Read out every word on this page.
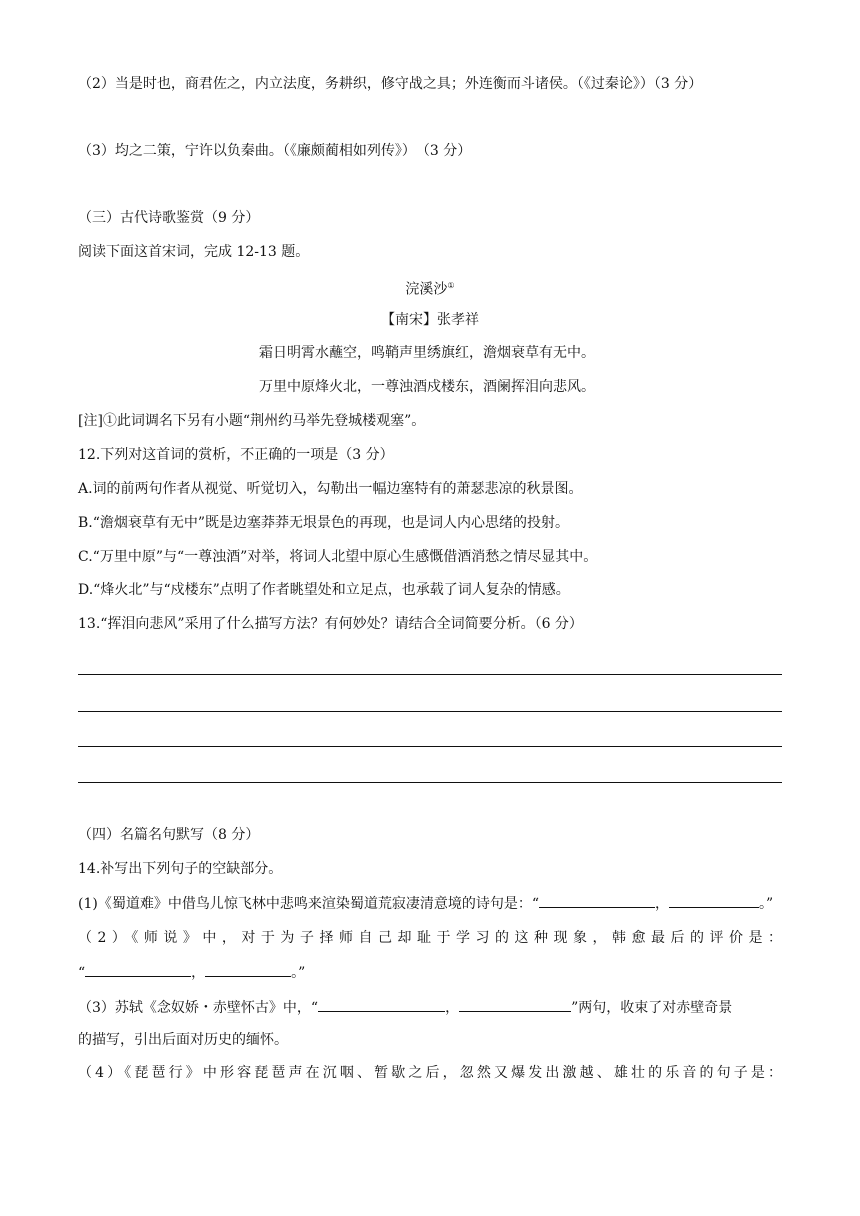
（2）当是时也，商君佐之，内立法度，务耕织，修守战之具；外连衡而斗诸侯。（《过秦论》）（3 分）
（3）均之二策，宁许以负秦曲。（《廉颇蔺相如列传》）　（3 分）
（三）古代诗歌鉴赏（9 分）
阅读下面这首宋词，完成 12-13 题。
浣溪沙①
【南宋】张孝祥
霜日明霄水蘸空，鸣鞘声里绣旗红，澹烟衰草有无中。
万里中原烽火北，一尊浊酒戍楼东，酒阑挥泪向悲风。
[注]①此词调名下另有小题“荆州约马举先登城楼观塞”。
12.下列对这首词的赏析，不正确的一项是（3 分）
A.词的前两句作者从视觉、听觉切入，勾勒出一幅边塞特有的萧瑟悲凉的秋景图。
B.“澹烟衰草有无中”既是边塞莽莽无垠景色的再现，也是词人内心思绪的投射。
C.“万里中原”与“一尊浊酒”对举，将词人北望中原心生感慨借酒消愁之情尽显其中。
D.“烽火北”与“戍楼东”点明了作者眺望处和立足点，也承载了词人复杂的情感。
13.“挥泪向悲风”采用了什么描写方法？有何妙处？请结合全词简要分析。（6 分）
（四）名篇名句默写（8 分）
14.补写出下列句子的空缺部分。
(1)《蜀道难》中借鸟儿惊飞林中悲鸣来渲染蜀道荒寂凄清意境的诗句是：“	，	。”
（2）《师说》中，对于为子择师自己却耻于学习的这种现象，韩愈最后的评价是：
“	，	。”
（3）苏轼《念奴娇・赤壁怀古》中，“	，	”两句，收束了对赤壁奇景
的描写，引出后面对历史的缅怀。
（4）《琵琶行》中形容琵琶声在沉咽、暂歇之后，忽然又爆发出激越、雄壮的乐音的句子是：
